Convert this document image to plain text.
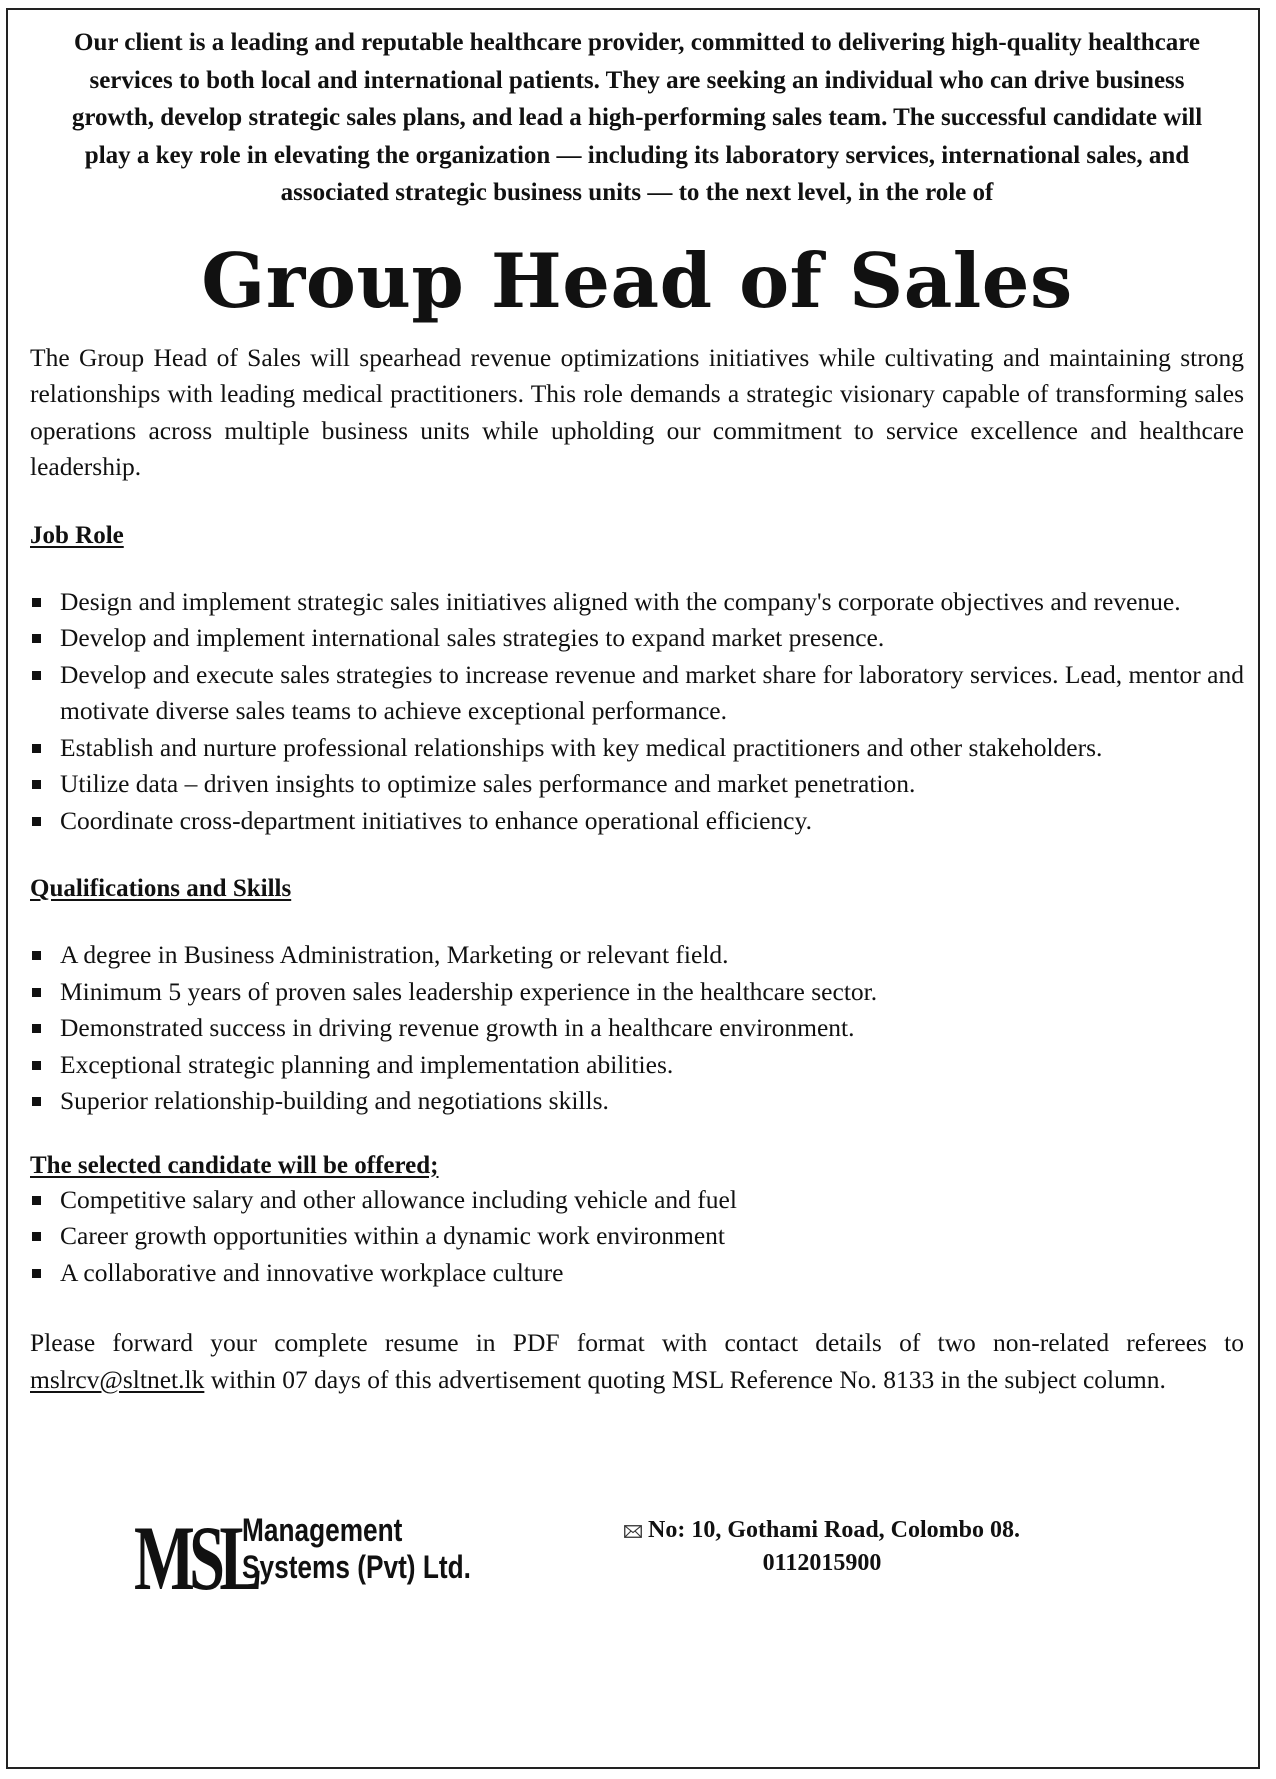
Our client is a leading and reputable healthcare provider, committed to delivering high-quality healthcare services to both local and international patients. They are seeking an individual who can drive business growth, develop strategic sales plans, and lead a high-performing sales team. The successful candidate will play a key role in elevating the organization — including its laboratory services, international sales, and associated strategic business units — to the next level, in the role of
Group Head of Sales
The Group Head of Sales will spearhead revenue optimizations initiatives while cultivating and maintaining strong relationships with leading medical practitioners. This role demands a strategic visionary capable of transforming sales operations across multiple business units while upholding our commitment to service excellence and healthcare leadership.
Job Role
Design and implement strategic sales initiatives aligned with the company's corporate objectives and revenue.
Develop and implement international sales strategies to expand market presence.
Develop and execute sales strategies to increase revenue and market share for laboratory services. Lead, mentor and motivate diverse sales teams to achieve exceptional performance.
Establish and nurture professional relationships with key medical practitioners and other stakeholders.
Utilize data – driven insights to optimize sales performance and market penetration.
Coordinate cross-department initiatives to enhance operational efficiency.
Qualifications and Skills
A degree in Business Administration, Marketing or relevant field.
Minimum 5 years of proven sales leadership experience in the healthcare sector.
Demonstrated success in driving revenue growth in a healthcare environment.
Exceptional strategic planning and implementation abilities.
Superior relationship-building and negotiations skills.
The selected candidate will be offered;
Competitive salary and other allowance including vehicle and fuel
Career growth opportunities within a dynamic work environment
A collaborative and innovative workplace culture
Please forward your complete resume in PDF format with contact details of two non-related referees to mslrcv@sltnet.lk within 07 days of this advertisement quoting MSL Reference No. 8133 in the subject column.
MSL
Management
Systems (Pvt) Ltd.
No: 10, Gothami Road, Colombo 08.
0112015900
